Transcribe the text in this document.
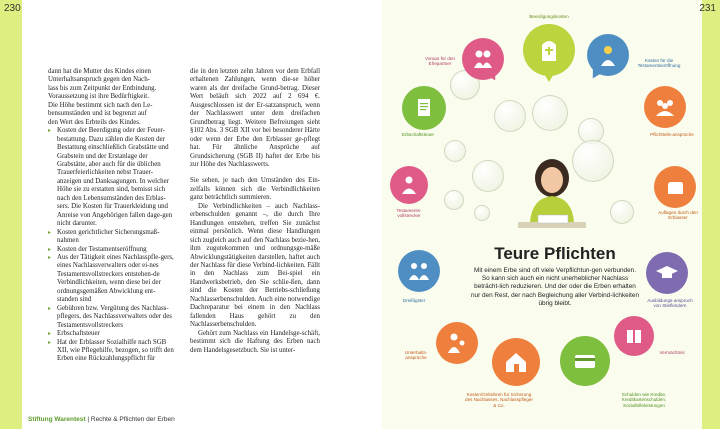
230

dann hat die Mutter des Kindes einen

Unterhaltsanspruch gegen den Nach-

lass bis zum Zeitpunkt der Entbindung.

Voraussetzung ist ihre Bedürftigkeit.

Die Höhe bestimmt sich nach den Le-

bensumständen und ist begrenzt auf

den Wert des Erbteils des Kindes.

▸ Kosten der Beerdigung oder der Feuer-bestattung. Dazu zählen die Kosten der Bestattung einschließlich Grabstätte und Grabstein und der Erstanlage der Grabstätte, aber auch für die üblichen Trauerfeierlichkeiten nebst Trauer-anzeigen und Danksagungen. In welcher Höhe sie zu erstatten sind, bemisst sich nach den Lebensumständen des Erblas-sers. Die Kosten für Trauerkleidung und Anreise von Angehörigen fallen dage-gen nicht darunter.
▸ Kosten gerichtlicher Sicherungsmaß-nahmen
▸ Kosten der Testamentseröffnung
▸ Aus der Tätigkeit eines Nachlasspfle-gers, eines Nachlassverwalters oder ei-nes Testamentsvollstreckers entstehen-de Verbindlichkeiten, wenn diese bei der ordnungsgemäßen Abwicklung ent-standen sind
▸ Gebühren bzw. Vergütung des Nachlass-pflegers, des Nachlassverwalters oder des Testamentsvollstreckers
▸ Erbschaftsteuer
▸ Hat der Erblasser Sozialhilfe nach SGB XII, wie Pflegehilfe, bezogen, so trifft den Erben eine Rückzahlungspflicht für

die in den letzten zehn Jahren vor dem Erbfall erhaltenen Zahlungen, wenn die-se höher waren als der dreifache Grund-betrag. Dieser Wert beläuft sich 2022 auf 2 694 €. Ausgeschlossen ist der Er-satzanspruch, wenn der Nachlasswert unter dem dreifachen Grundbetrag liegt. Weitere Befreiungen sieht §102 Abs. 3 SGB XII vor bei besonderer Härte oder wenn der Erbe den Erblasser ge-pflegt hat. Für ähnliche Ansprüche auf Grundsicherung (SGB II) haftet der Erbe bis zur Höhe des Nachlasswerts.

Sie sehen, je nach den Umständen des Ein-zelfalls können sich die Verbindlichkeiten ganz beträchtlich summieren.

Die Verbindlichkeiten – auch Nachlass-erbenschulden genannt –, die durch Ihre Handlungen entstehen, treffen Sie zunächst einmal persönlich. Wenn diese Handlungen sich zugleich auch auf den Nachlass bezie-hen, ihm zugutekommen und ordnungsge-mäße Abwicklungstätigkeiten darstellen, haftet auch der Nachlass für diese Verbind-lichkeiten. Fällt in den Nachlass zum Bei-spiel ein Handwerksbetrieb, den Sie schlie-ßen, dann sind die Kosten der Betriebs-schließung Nachlasserbenschulden. Auch eine notwendige Dachreparatur bei einem in den Nachlass fallenden Haus gehört zu den Nachlasserbenschulden.

Gehört zum Nachlass ein Handelsge-schäft, bestimmt sich die Haftung des Erben nach dem Handelsgesetzbuch. Sie ist unter-

Stiftung Warentest | Rechte & Pflichten der Erben
231
Teure Pflichten
Mit einem Erbe sind oft viele Verpflichtun-gen verbunden. So kann sich auch ein nicht unerheblicher Nachlass beträcht-lich reduzieren. Und der oder die Erben erhalten nur den Rest, der nach Begleichung aller Verbind-lichkeiten übrig bleibt.
Beerdigungskosten
Voraus für den Ehepartner
Kosten für die Testamentseröffnung
Erbschaftsteuer	Pflichtteils-ansprüche
Testaments-vollstrecker
Auflagen durch den Erblasser
Dreißigster	Ausbildungs-anspruch von Stiefkindern
Unterhalts-ansprüche
Vermächtnis
Kosten/Gebühren für Sicherung des Nachlasses, Nachlasspfleger & Co.
Schulden wie Kredite, Kreditkartenschulden, Sozialhilfeleistungen
